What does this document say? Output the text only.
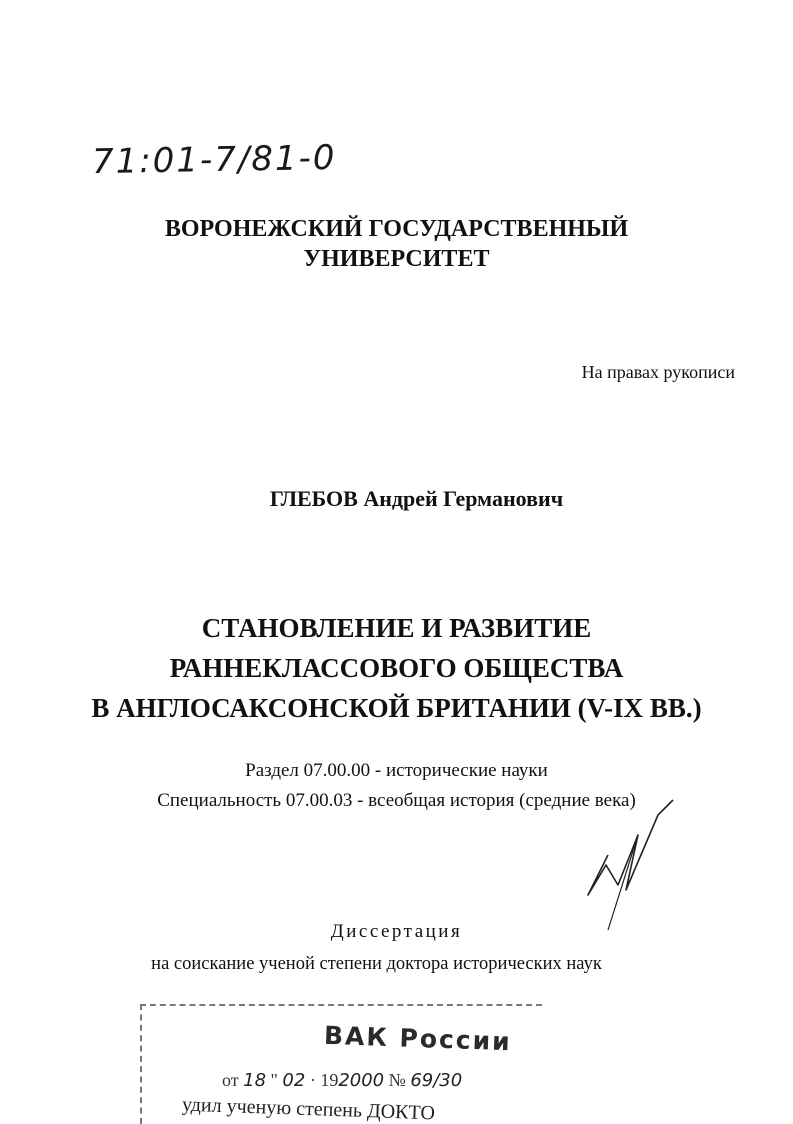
71:01-7/81-0
ВОРОНЕЖСКИЙ ГОСУДАРСТВЕННЫЙ
УНИВЕРСИТЕТ
На правах рукописи
ГЛЕБОВ Андрей Германович
СТАНОВЛЕНИЕ И РАЗВИТИЕ
РАННЕКЛАССОВОГО ОБЩЕСТВА
В АНГЛОСАКСОНСКОЙ БРИТАНИИ (V-IX ВВ.)
Раздел 07.00.00 - исторические науки
Специальность 07.00.03 - всеобщая история (средние века)
Диссертация
на соискание ученой степени доктора исторических наук
ВАК России
от 18 " 02 · 192000 № 69/30
удил ученую степень ДОКТО
